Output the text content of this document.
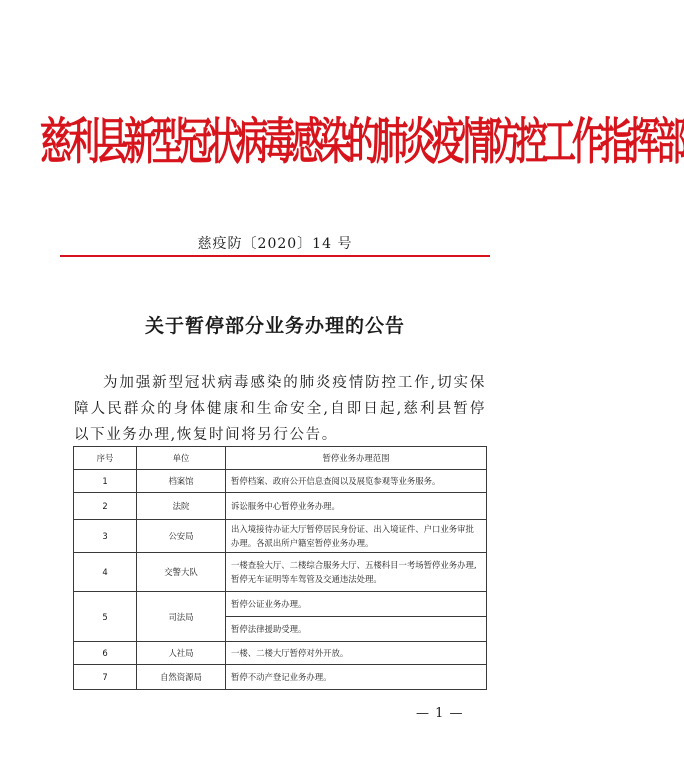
慈利县新型冠状病毒感染的肺炎疫情防控工作指挥部
慈疫防〔2020〕14 号
关于暂停部分业务办理的公告
为加强新型冠状病毒感染的肺炎疫情防控工作,切实保障人民群众的身体健康和生命安全,自即日起,慈利县暂停以下业务办理,恢复时间将另行公告。
序号	单位	暂停业务办理范围
1	档案馆	暂停档案、政府公开信息查阅以及展览参观等业务服务。
2	法院	诉讼服务中心暂停业务办理。
3	公安局	出入境接待办证大厅暂停居民身份证、出入境证件、户口业务审批办理。各派出所户籍室暂停业务办理。
4	交警大队	一楼查验大厅、二楼综合服务大厅、五楼科目一考场暂停业务办理,暂停无车证明等车驾管及交通违法处理。
5	司法局	暂停公证业务办理。
		暂停法律援助受理。
6	人社局	一楼、二楼大厅暂停对外开放。
7	自然资源局	暂停不动产登记业务办理。
— 1 —
